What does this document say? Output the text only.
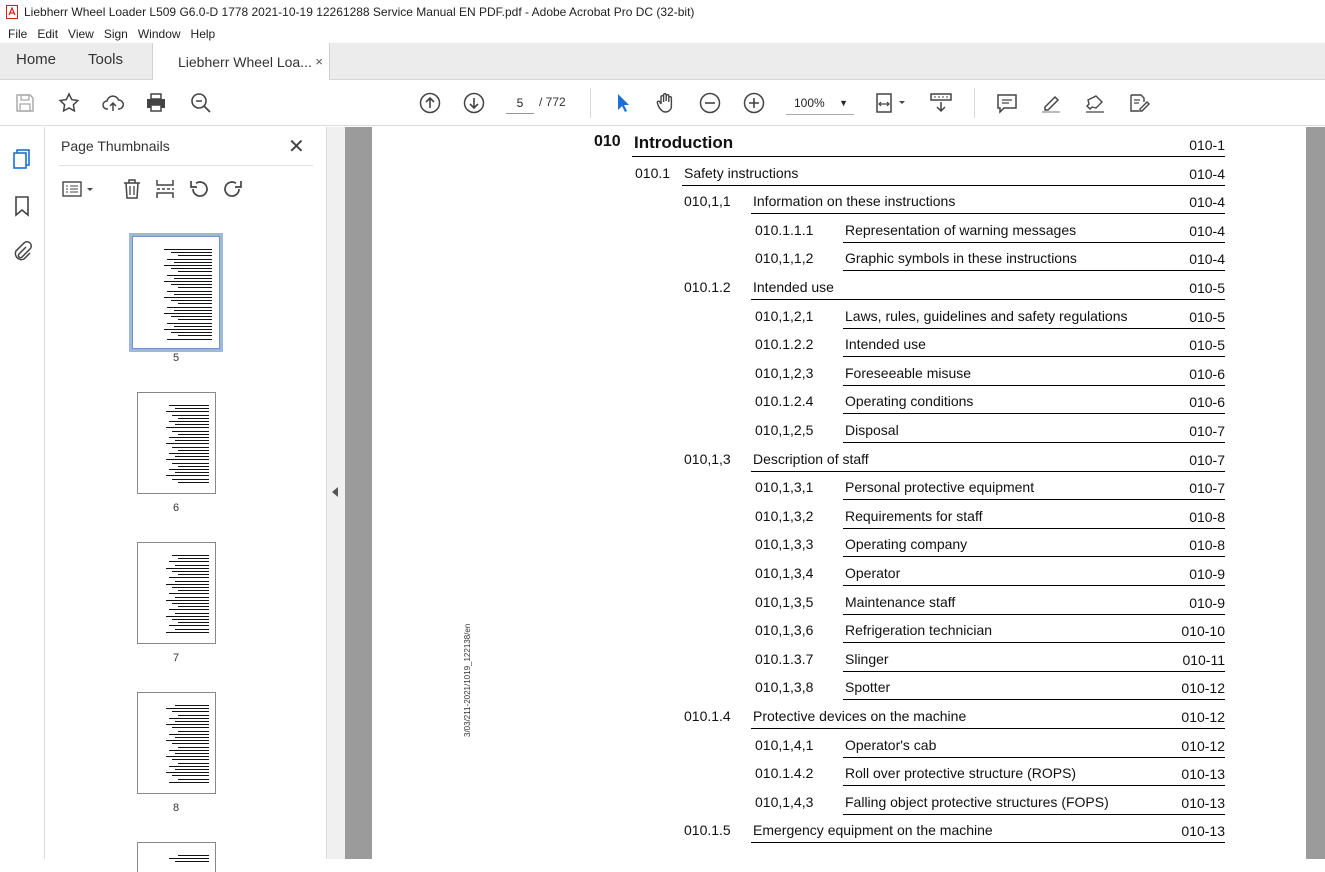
Liebherr Wheel Loader L509 G6.0-D 1778 2021-10-19 12261288 Service Manual EN PDF.pdf - Adobe Acrobat Pro DC (32-bit)
File Edit View Sign Window Help
Home Tools	Liebherr Wheel Loa... ×
5	/ 772	100% ▼
Page Thumbnails	✕
5
6
7
8
010 Introduction	010-1
010.1 Safety instructions	010-4
010,1,1 Information on these instructions	010-4
010.1.1.1 Representation of warning messages	010-4
010,1,1,2 Graphic symbols in these instructions	010-4
010.1.2 Intended use	010-5
010,1,2,1 Laws, rules, guidelines and safety regulations	010-5
010.1.2.2 Intended use	010-5
010,1,2,3 Foreseeable misuse	010-6
010.1.2.4 Operating conditions	010-6
010,1,2,5 Disposal	010-7
010,1,3 Description of staff	010-7
010,1,3,1 Personal protective equipment	010-7
010,1,3,2 Requirements for staff	010-8
010,1,3,3 Operating company	010-8
010,1,3,4 Operator	010-9
010,1,3,5 Maintenance staff	010-9
010,1,3,6 Refrigeration technician	010-10
010.1.3.7 Slinger	010-11
010,1,3,8 Spotter	010-12
010.1.4 Protective devices on the machine	010-12
010,1,4,1 Operator's cab	010-12
010.1.4.2 Roll over protective structure (ROPS)	010-13
010,1,4,3 Falling object protective structures (FOPS)	010-13
010.1.5 Emergency equipment on the machine	010-13
3/03/211-2021/1019_122138/en
